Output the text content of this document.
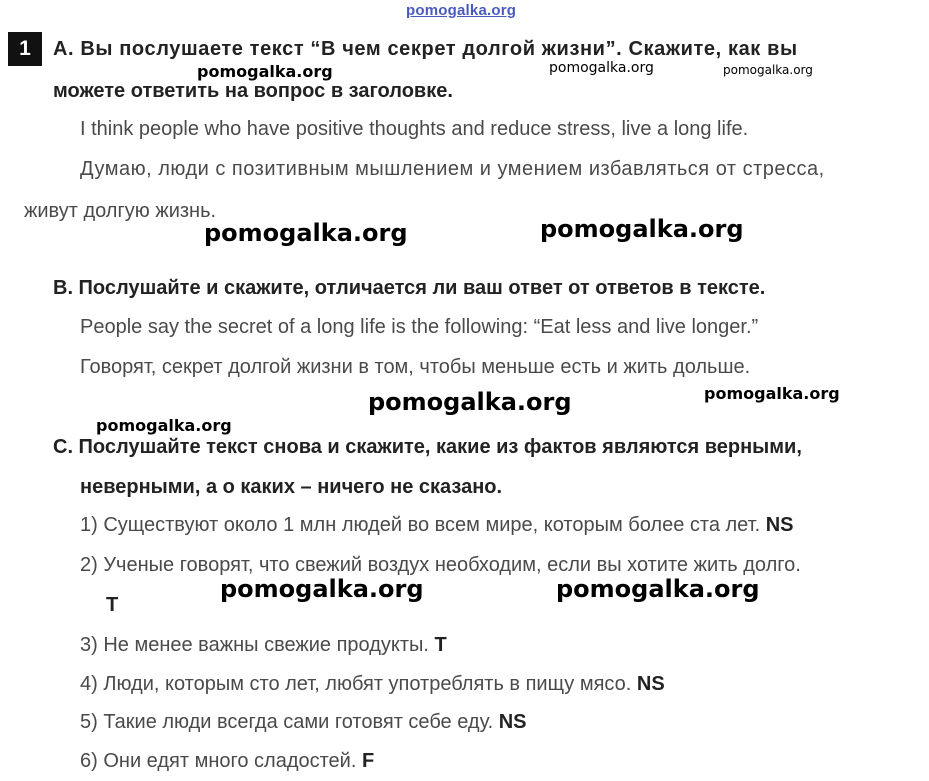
pomogalka.org
1	A. Вы послушаете текст “В чем секрет долгой жизни”. Скажите, как вы
можете ответить на вопрос в заголовке.
I think people who have positive thoughts and reduce stress, live a long life.
Думаю, люди с позитивным мышлением и умением избавляться от стресса,
живут долгую жизнь.
B. Послушайте и скажите, отличается ли ваш ответ от ответов в тексте.
People say the secret of a long life is the following: “Eat less and live longer.”
Говорят, секрет долгой жизни в том, чтобы меньше есть и жить дольше.
C. Послушайте текст снова и скажите, какие из фактов являются верными,
неверными, а о каких – ничего не сказано.
1) Существуют около 1 млн людей во всем мире, которым более ста лет. NS
2) Ученые говорят, что свежий воздух необходим, если вы хотите жить долго.
T
3) Не менее важны свежие продукты. T
4) Люди, которым сто лет, любят употреблять в пищу мясо. NS
5) Такие люди всегда сами готовят себе еду. NS
6) Они едят много сладостей. F
pomogalka.org	pomogalka.org	pomogalka.org
pomogalka.org	pomogalka.org
pomogalka.org	pomogalka.org
pomogalka.org
pomogalka.org	pomogalka.org
